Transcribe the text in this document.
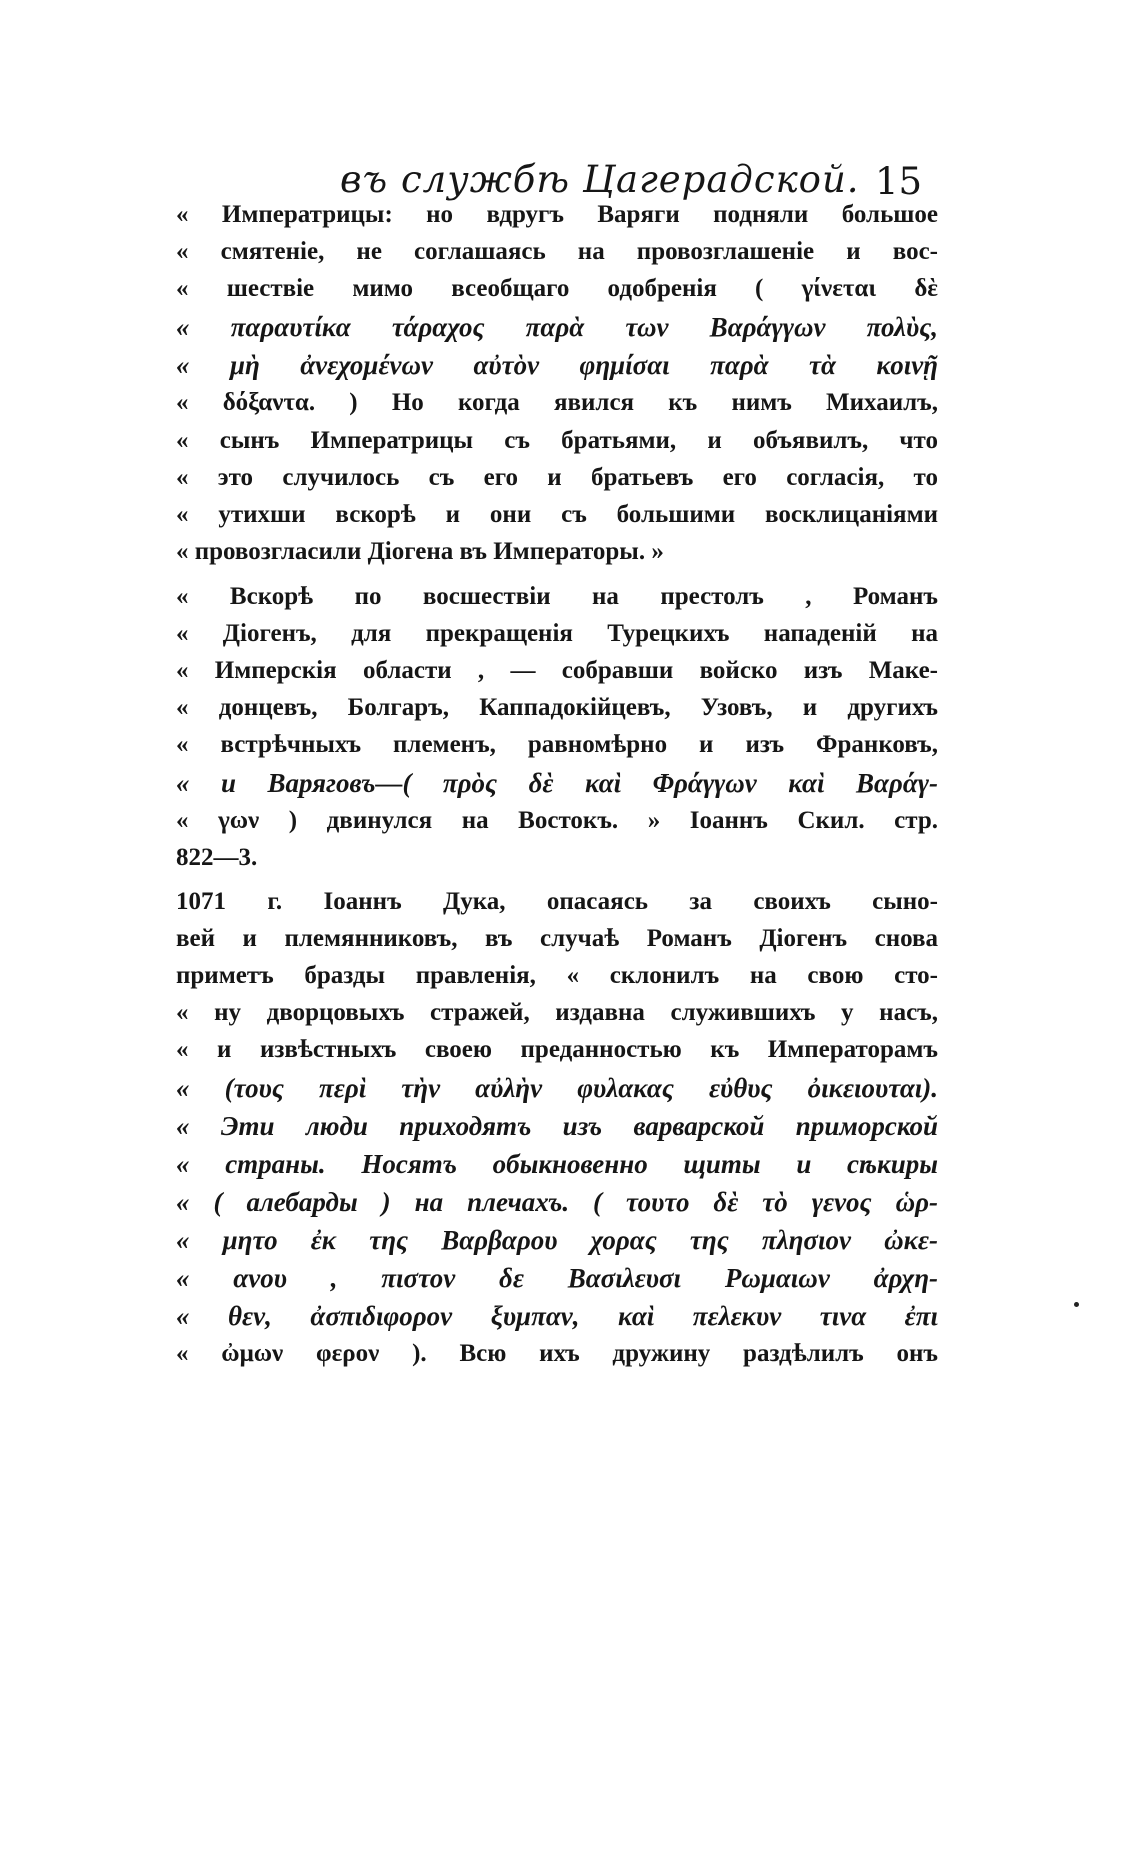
въ службѣ Цагерадской. 15
« Императрицы: но вдругъ Варяги подняли большое
« смятеніе, не соглашаясь на провозглашеніе и вос-
« шествіе мимо всеобщаго одобренія ( γίνεται δὲ
« παραυτίκα τάραχος παρὰ των Βαράγγων πολὺς,
« μὴ ἀνεχομένων αὐτὸν φημίσαι παρὰ τὰ κοινῇ
« δόξαντα. ) Но когда явился къ нимъ Михаилъ,
« сынъ Императрицы съ братьями, и объявилъ, что
« это случилось съ его и братьевъ его согласія, то
« утихши вскорѣ и они съ большими восклицаніями
« провозгласили Діогена въ Императоры. »
« Вскорѣ по восшествіи на престолъ , Романъ
« Діогенъ, для прекращенія Турецкихъ нападеній на
« Имперскія области , — собравши войско изъ Маке-
« донцевъ, Болгаръ, Каппадокійцевъ, Узовъ, и другихъ
« встрѣчныхъ племенъ, равномѣрно и изъ Франковъ,
« и Варяговъ—( πρὸς δὲ καὶ Φράγγων καὶ Βαράγ-
« γων ) двинулся на Востокъ. » Іоаннъ Скил. стр.
822—3.
1071 г. Іоаннъ Дука, опасаясь за своихъ сыно-
вей и племянниковъ, въ случаѣ Романъ Діогенъ снова
приметъ бразды правленія, « склонилъ на свою сто-
« ну дворцовыхъ стражей, издавна служившихъ у насъ,
« и извѣстныхъ своею преданностью къ Императорамъ
« (τους περὶ τὴν αὐλὴν φυλακας εὐθυς ὀικειουται).
« Эти люди приходятъ изъ варварской приморской
« страны. Носятъ обыкновенно щиты и сѣкиры
« ( алебарды ) на плечахъ. ( τουτο δὲ τὸ γενος ὡρ-
« μητο ἐκ της Βαρβαρου χορας της πλησιον ὠκε-
« ανου , πιστον δε Βασιλευσι Ρωμαιων ἀρχη-
« θεν, ἀσπιδιφορον ξυμπαν, καὶ πελεκυν τινα ἐπι
« ὠμων φερον ). Всю ихъ дружину раздѣлилъ онъ
